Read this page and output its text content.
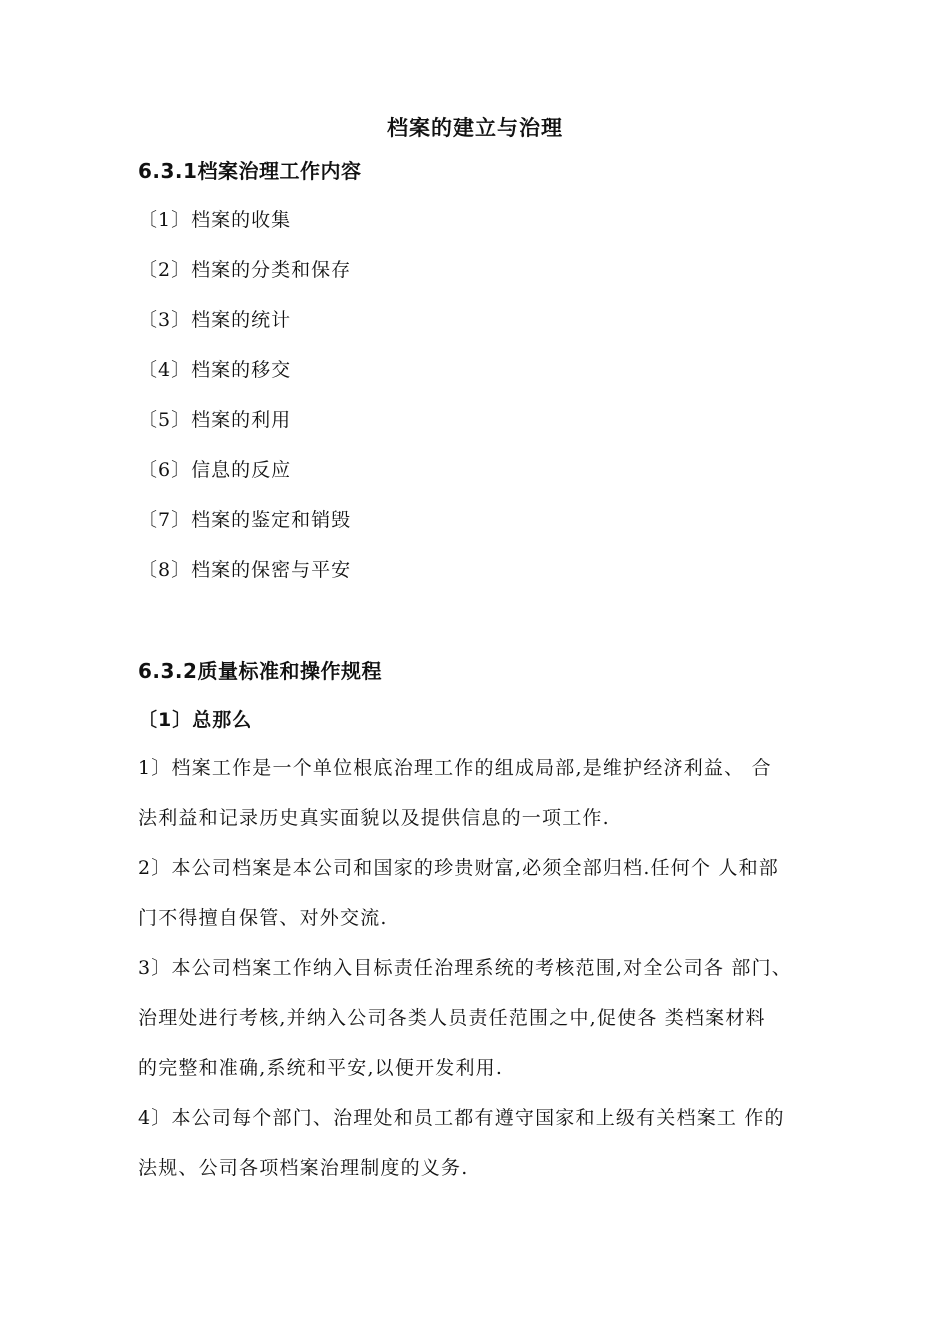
档案的建立与治理
6.3.1档案治理工作内容
〔1〕档案的收集
〔2〕档案的分类和保存
〔3〕档案的统计
〔4〕档案的移交
〔5〕档案的利用
〔6〕信息的反应
〔7〕档案的鉴定和销毁
〔8〕档案的保密与平安
6.3.2质量标准和操作规程
〔1〕总那么
1〕档案工作是一个单位根底治理工作的组成局部,是维护经济利益、 合
法利益和记录历史真实面貌以及提供信息的一项工作.
2〕本公司档案是本公司和国家的珍贵财富,必须全部归档.任何个 人和部
门不得擅自保管、对外交流.
3〕本公司档案工作纳入目标责任治理系统的考核范围,对全公司各 部门、
治理处进行考核,并纳入公司各类人员责任范围之中,促使各 类档案材料
的完整和准确,系统和平安,以便开发利用.
4〕本公司每个部门、治理处和员工都有遵守国家和上级有关档案工 作的
法规、公司各项档案治理制度的义务.
